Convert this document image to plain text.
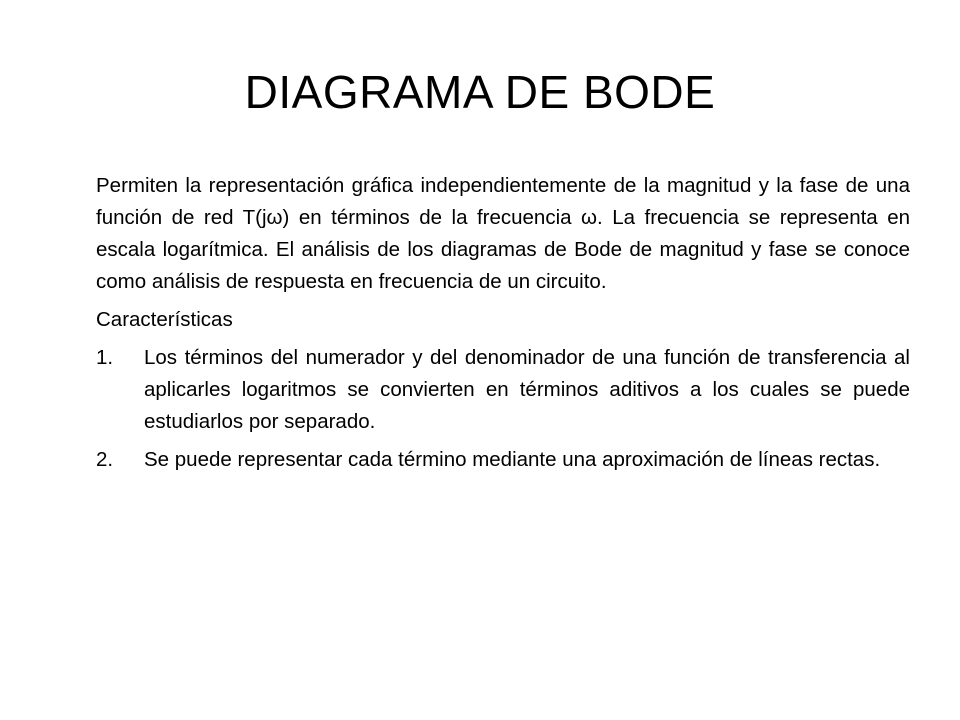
DIAGRAMA DE BODE

Permiten la representación gráfica independientemente de la magnitud y la fase de una función de red T(jω) en términos de la frecuencia ω. La frecuencia se representa en escala logarítmica. El análisis de los diagramas de Bode de magnitud y fase se conoce como análisis de respuesta en frecuencia de un circuito.

Características

1. Los términos del numerador y del denominador de una función de transferencia al aplicarles logaritmos se convierten en términos aditivos a los cuales se puede estudiarlos por separado.
2. Se puede representar cada término mediante una aproximación de líneas rectas.
